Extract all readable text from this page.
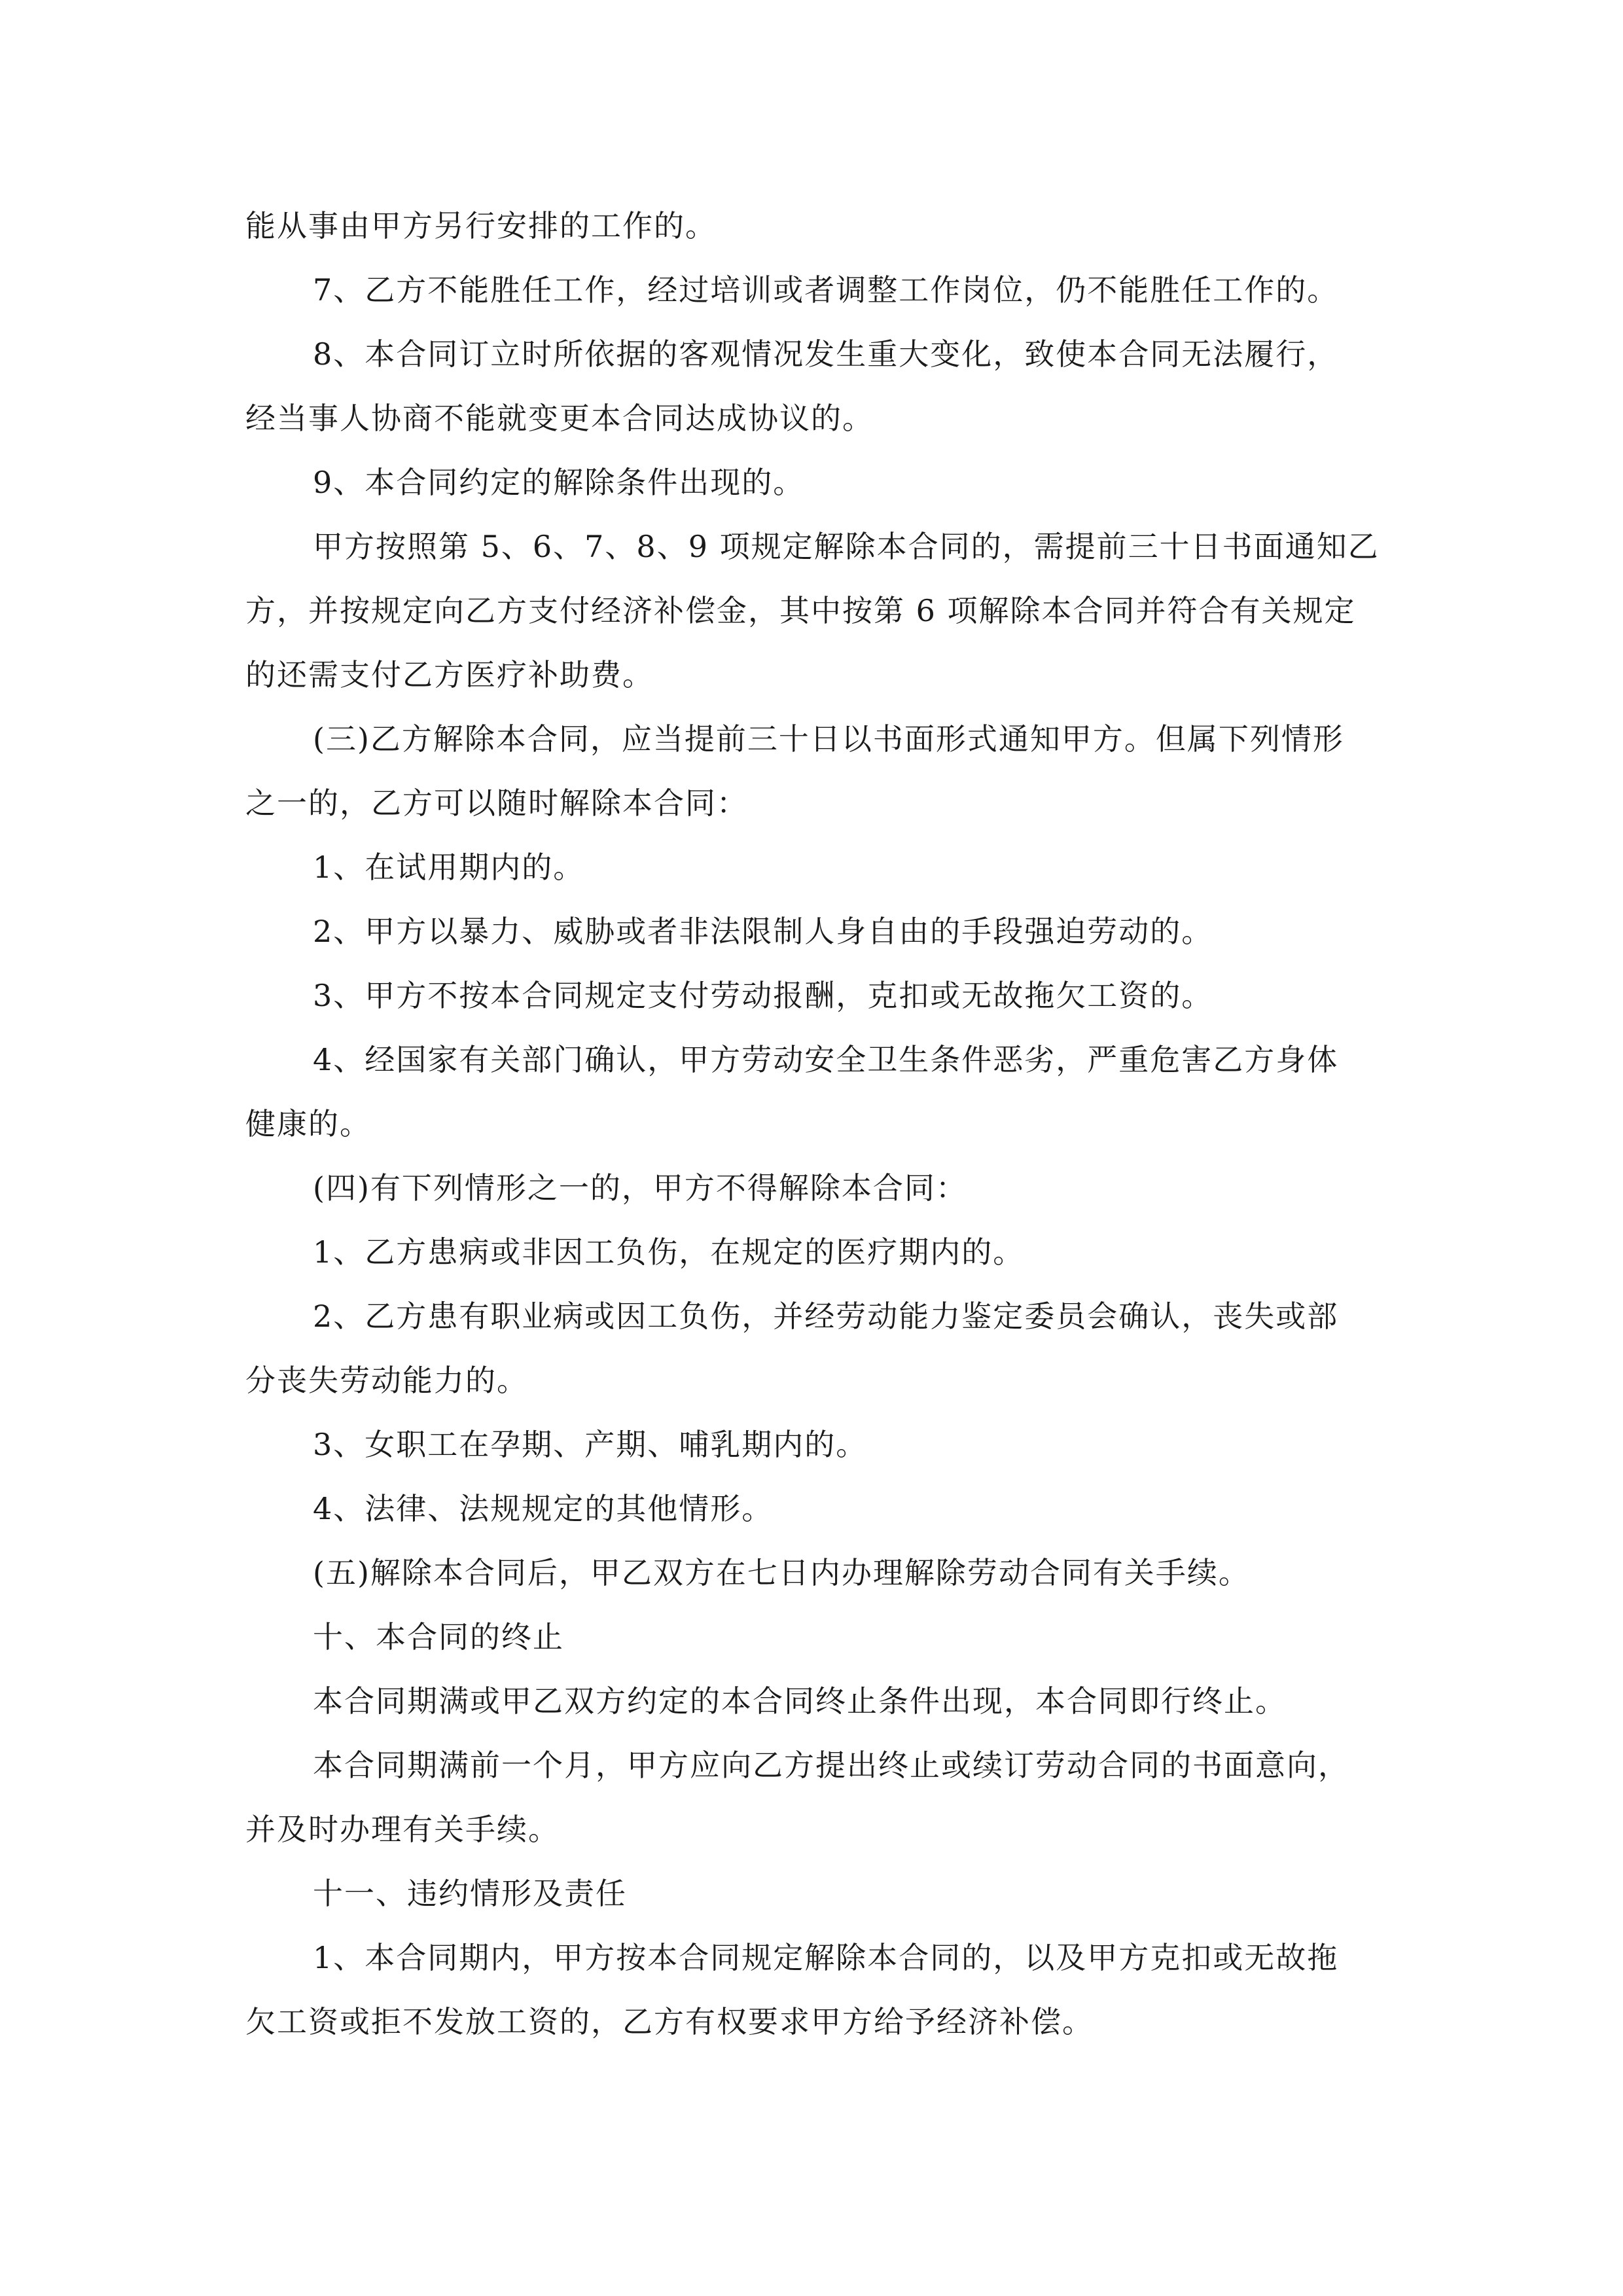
能从事由甲方另行安排的工作的。
7、乙方不能胜任工作，经过培训或者调整工作岗位，仍不能胜任工作的。
8、本合同订立时所依据的客观情况发生重大变化，致使本合同无法履行，
经当事人协商不能就变更本合同达成协议的。
9、本合同约定的解除条件出现的。
甲方按照第 5、6、7、8、9 项规定解除本合同的，需提前三十日书面通知乙
方，并按规定向乙方支付经济补偿金，其中按第 6 项解除本合同并符合有关规定
的还需支付乙方医疗补助费。
(三)乙方解除本合同，应当提前三十日以书面形式通知甲方。但属下列情形
之一的，乙方可以随时解除本合同：
1、在试用期内的。
2、甲方以暴力、威胁或者非法限制人身自由的手段强迫劳动的。
3、甲方不按本合同规定支付劳动报酬，克扣或无故拖欠工资的。
4、经国家有关部门确认，甲方劳动安全卫生条件恶劣，严重危害乙方身体
健康的。
(四)有下列情形之一的，甲方不得解除本合同：
1、乙方患病或非因工负伤，在规定的医疗期内的。
2、乙方患有职业病或因工负伤，并经劳动能力鉴定委员会确认，丧失或部
分丧失劳动能力的。
3、女职工在孕期、产期、哺乳期内的。
4、法律、法规规定的其他情形。
(五)解除本合同后，甲乙双方在七日内办理解除劳动合同有关手续。
十、本合同的终止
本合同期满或甲乙双方约定的本合同终止条件出现，本合同即行终止。
本合同期满前一个月，甲方应向乙方提出终止或续订劳动合同的书面意向，
并及时办理有关手续。
十一、违约情形及责任
1、本合同期内，甲方按本合同规定解除本合同的，以及甲方克扣或无故拖
欠工资或拒不发放工资的，乙方有权要求甲方给予经济补偿。
